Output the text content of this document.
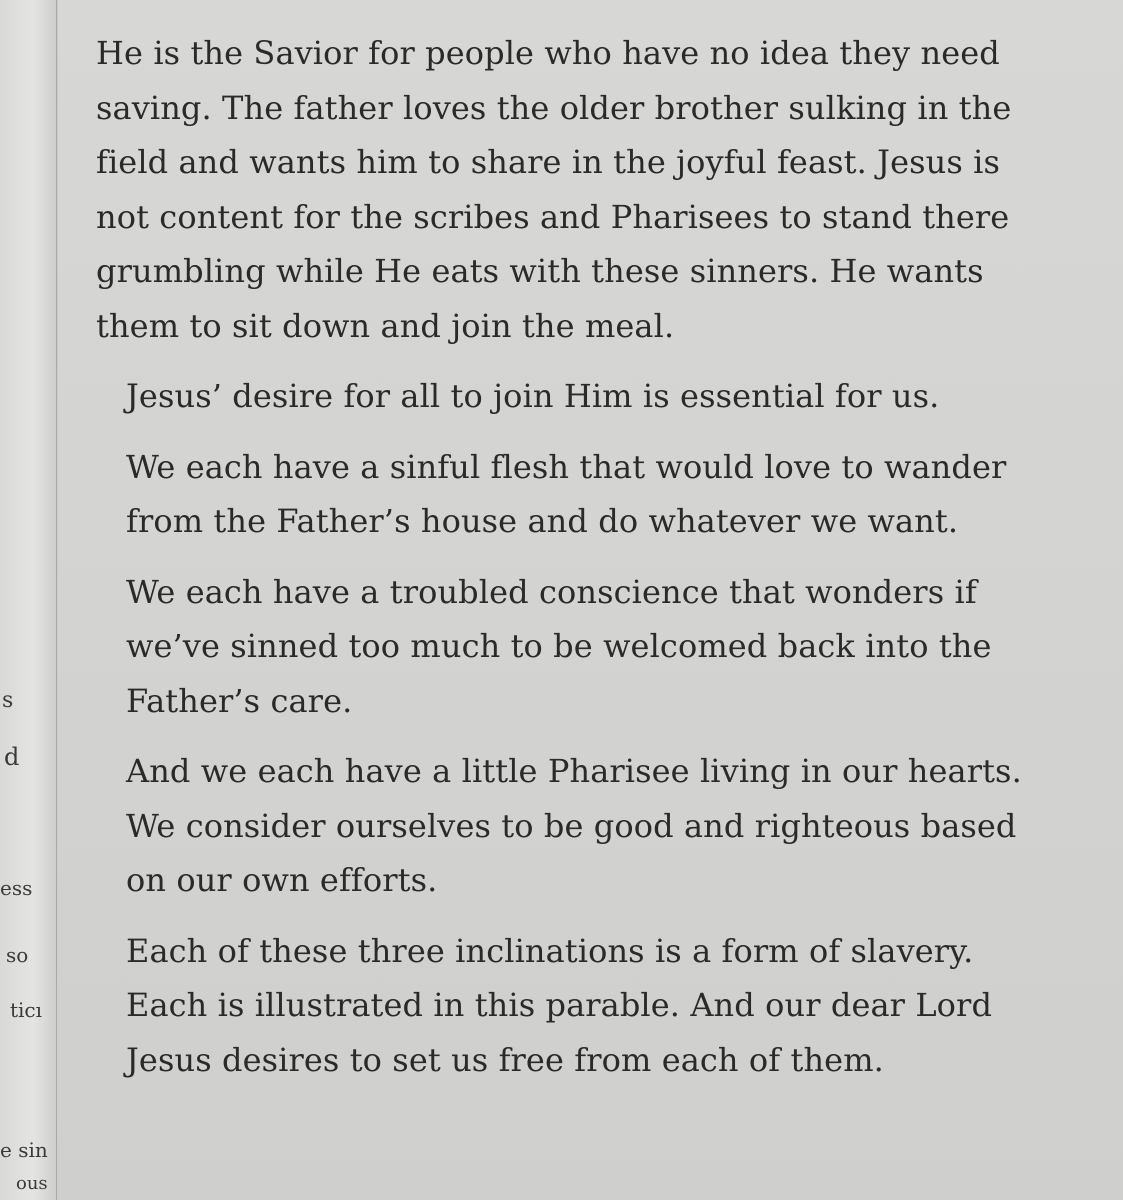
s
d
ess
so
ticı
e sin
ous

He is the Savior for people who have no idea they need
saving. The father loves the older brother sulking in the
field and wants him to share in the joyful feast. Jesus is
not content for the scribes and Pharisees to stand there
grumbling while He eats with these sinners. He wants
them to sit down and join the meal.

Jesus’ desire for all to join Him is essential for us.

We each have a sinful flesh that would love to wander
from the Father’s house and do whatever we want.

We each have a troubled conscience that wonders if
we’ve sinned too much to be welcomed back into the
Father’s care.

And we each have a little Pharisee living in our hearts.
We consider ourselves to be good and righteous based
on our own efforts.

Each of these three inclinations is a form of slavery.
Each is illustrated in this parable. And our dear Lord
Jesus desires to set us free from each of them.
